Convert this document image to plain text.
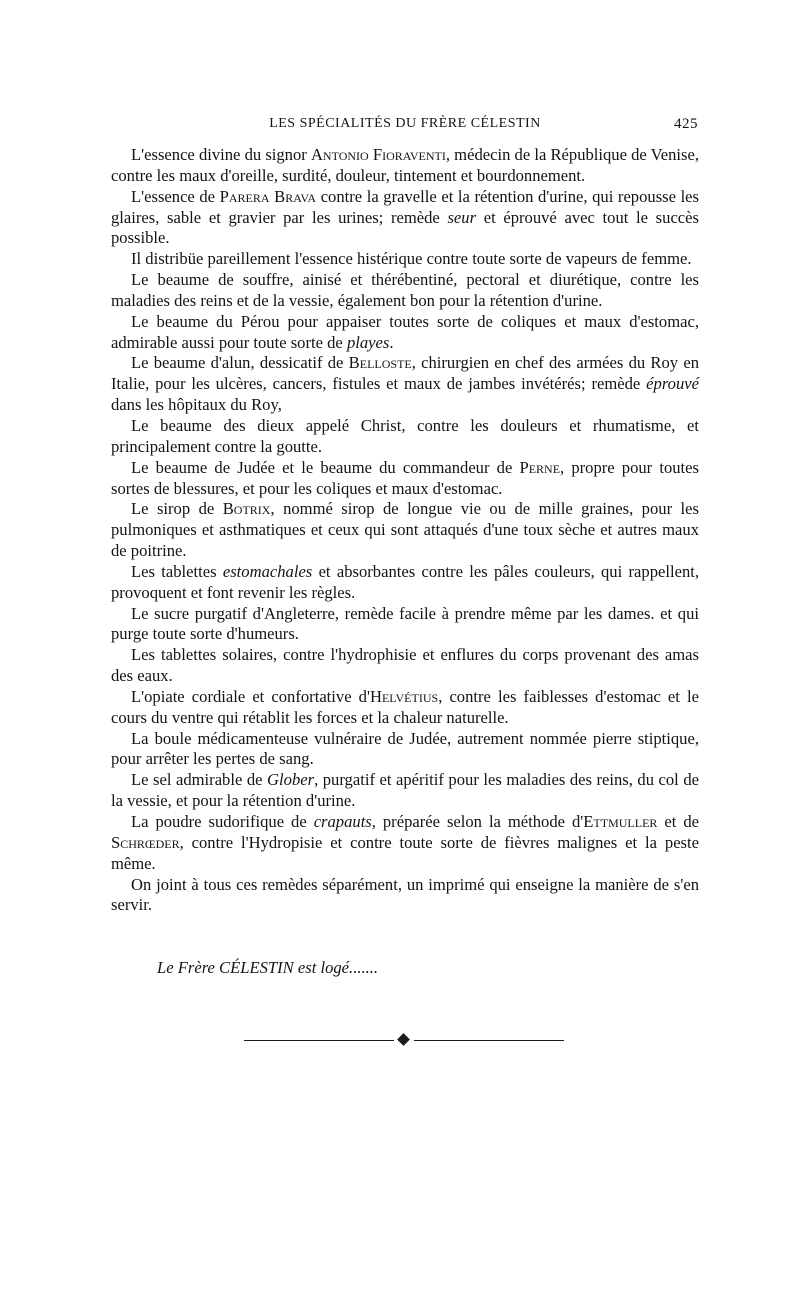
LES SPÉCIALITÉS DU FRÈRE CÉLESTIN	425

L'essence divine du signor Antonio Fioraventi, médecin de la République de Venise, contre les maux d'oreille, surdité, douleur, tintement et bourdonnement.

L'essence de Parera Brava contre la gravelle et la rétention d'urine, qui repousse les glaires, sable et gravier par les urines; remède seur et éprouvé avec tout le succès possible.

Il distribüe pareillement l'essence histérique contre toute sorte de vapeurs de femme.

Le beaume de souffre, ainisé et thérébentiné, pectoral et diurétique, contre les maladies des reins et de la vessie, également bon pour la rétention d'urine.

Le beaume du Pérou pour appaiser toutes sorte de coliques et maux d'estomac, admirable aussi pour toute sorte de playes.

Le beaume d'alun, dessicatif de Belloste, chirurgien en chef des armées du Roy en Italie, pour les ulcères, cancers, fistules et maux de jambes invétérés; remède éprouvé dans les hôpitaux du Roy,

Le beaume des dieux appelé Christ, contre les douleurs et rhumatisme, et principalement contre la goutte.

Le beaume de Judée et le beaume du commandeur de Perne, propre pour toutes sortes de blessures, et pour les coliques et maux d'estomac.

Le sirop de Botrix, nommé sirop de longue vie ou de mille graines, pour les pulmoniques et asthmatiques et ceux qui sont attaqués d'une toux sèche et autres maux de poitrine.

Les tablettes estomachales et absorbantes contre les pâles couleurs, qui rappellent, provoquent et font revenir les règles.

Le sucre purgatif d'Angleterre, remède facile à prendre même par les dames. et qui purge toute sorte d'humeurs.

Les tablettes solaires, contre l'hydrophisie et enflures du corps provenant des amas des eaux.

L'opiate cordiale et confortative d'Helvétius, contre les faiblesses d'estomac et le cours du ventre qui rétablit les forces et la chaleur naturelle.

La boule médicamenteuse vulnéraire de Judée, autrement nommée pierre stiptique, pour arrêter les pertes de sang.

Le sel admirable de Glober, purgatif et apéritif pour les maladies des reins, du col de la vessie, et pour la rétention d'urine.

La poudre sudorifique de crapauts, préparée selon la méthode d'Ettmuller et de Schrœder, contre l'Hydropisie et contre toute sorte de fièvres malignes et la peste même.

On joint à tous ces remèdes séparément, un imprimé qui enseigne la manière de s'en servir.

Le Frère CÉLESTIN est logé.......
